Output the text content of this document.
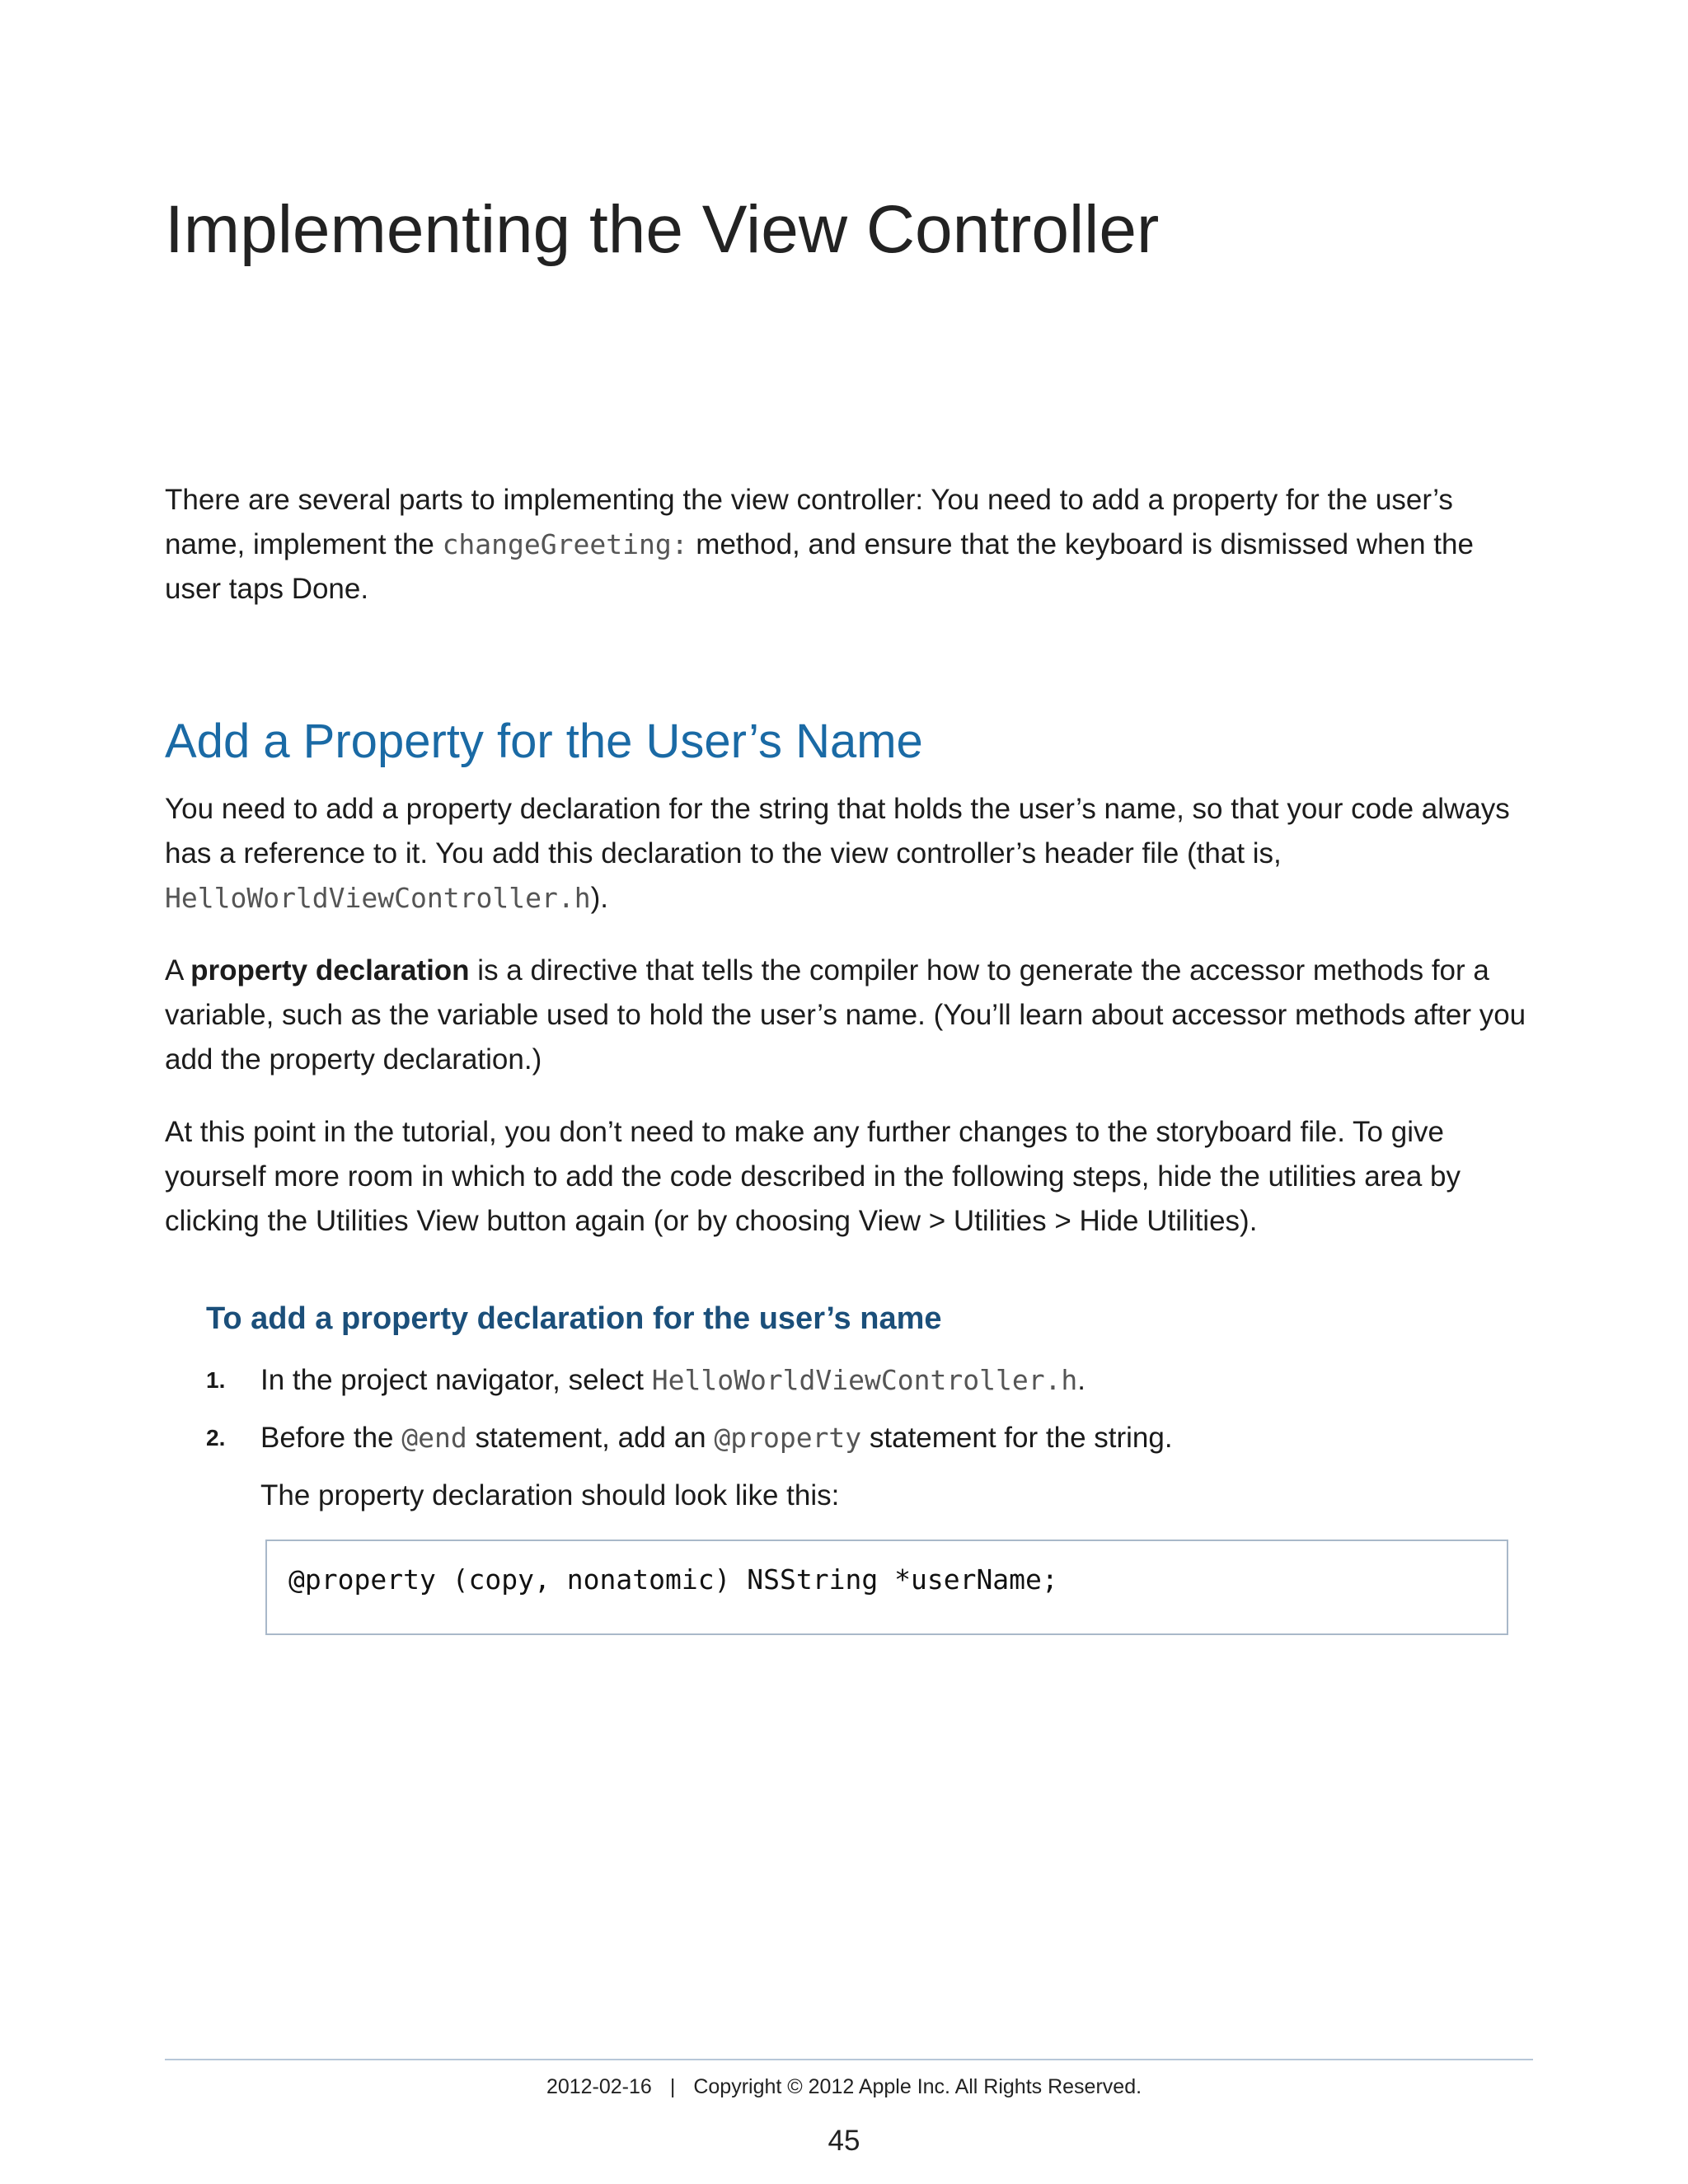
Implementing the View Controller

There are several parts to implementing the view controller: You need to add a property for the user’s name, implement the changeGreeting: method, and ensure that the keyboard is dismissed when the user taps Done.

Add a Property for the User’s Name

You need to add a property declaration for the string that holds the user’s name, so that your code always has a reference to it. You add this declaration to the view controller’s header file (that is, HelloWorldViewController.h).

A property declaration is a directive that tells the compiler how to generate the accessor methods for a variable, such as the variable used to hold the user’s name. (You’ll learn about accessor methods after you add the property declaration.)

At this point in the tutorial, you don’t need to make any further changes to the storyboard file. To give yourself more room in which to add the code described in the following steps, hide the utilities area by clicking the Utilities View button again (or by choosing View > Utilities > Hide Utilities).

To add a property declaration for the user’s name
1. In the project navigator, select HelloWorldViewController.h.
2. Before the @end statement, add an @property statement for the string.

The property declaration should look like this:

@property (copy, nonatomic) NSString *userName;
2012-02-16 | Copyright © 2012 Apple Inc. All Rights Reserved.
45
